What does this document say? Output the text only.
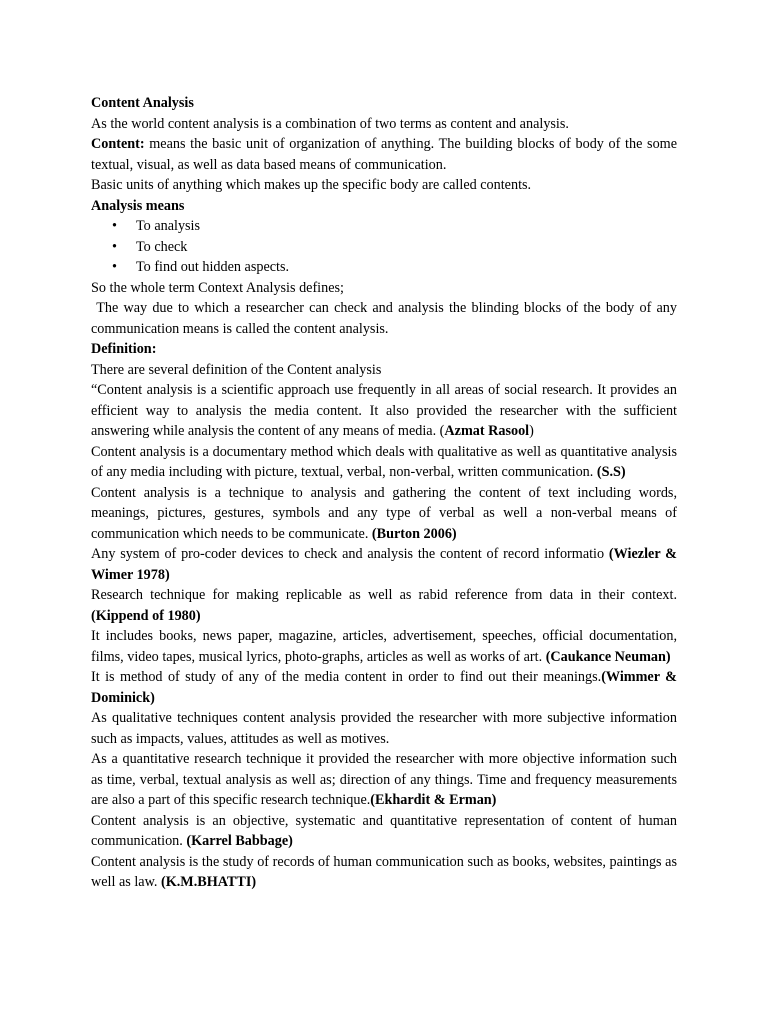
Content Analysis

As the world content analysis is a combination of two terms as content and analysis.

Content: means the basic unit of organization of anything. The building blocks of body of the some textual, visual, as well as data based means of communication.

Basic units of anything which makes up the specific body are called contents.

Analysis means

• To analysis
• To check
• To find out hidden aspects.

So the whole term Context Analysis defines;

The way due to which a researcher can check and analysis the blinding blocks of the body of any communication means is called the content analysis.

Definition:

There are several definition of the Content analysis

“Content analysis is a scientific approach use frequently in all areas of social research. It provides an efficient way to analysis the media content. It also provided the researcher with the sufficient answering while analysis the content of any means of media. (Azmat Rasool)

Content analysis is a documentary method which deals with qualitative as well as quantitative analysis of any media including with picture, textual, verbal, non-verbal, written communication. (S.S)

Content analysis is a technique to analysis and gathering the content of text including words, meanings, pictures, gestures, symbols and any type of verbal as well a non-verbal means of communication which needs to be communicate. (Burton 2006)

Any system of pro-coder devices to check and analysis the content of record informatio (Wiezler & Wimer 1978)

Research technique for making replicable as well as rabid reference from data in their context. (Kippend of 1980)

It includes books, news paper, magazine, articles, advertisement, speeches, official documentation, films, video tapes, musical lyrics, photo-graphs, articles as well as works of art. (Caukance Neuman)

It is method of study of any of the media content in order to find out their meanings.(Wimmer & Dominick)

As qualitative techniques content analysis provided the researcher with more subjective information such as impacts, values, attitudes as well as motives.

As a quantitative research technique it provided the researcher with more objective information such as time, verbal, textual analysis as well as; direction of any things. Time and frequency measurements are also a part of this specific research technique.(Ekhardit & Erman)

Content analysis is an objective, systematic and quantitative representation of content of human communication. (Karrel Babbage)

Content analysis is the study of records of human communication such as books, websites, paintings as well as law. (K.M.BHATTI)
